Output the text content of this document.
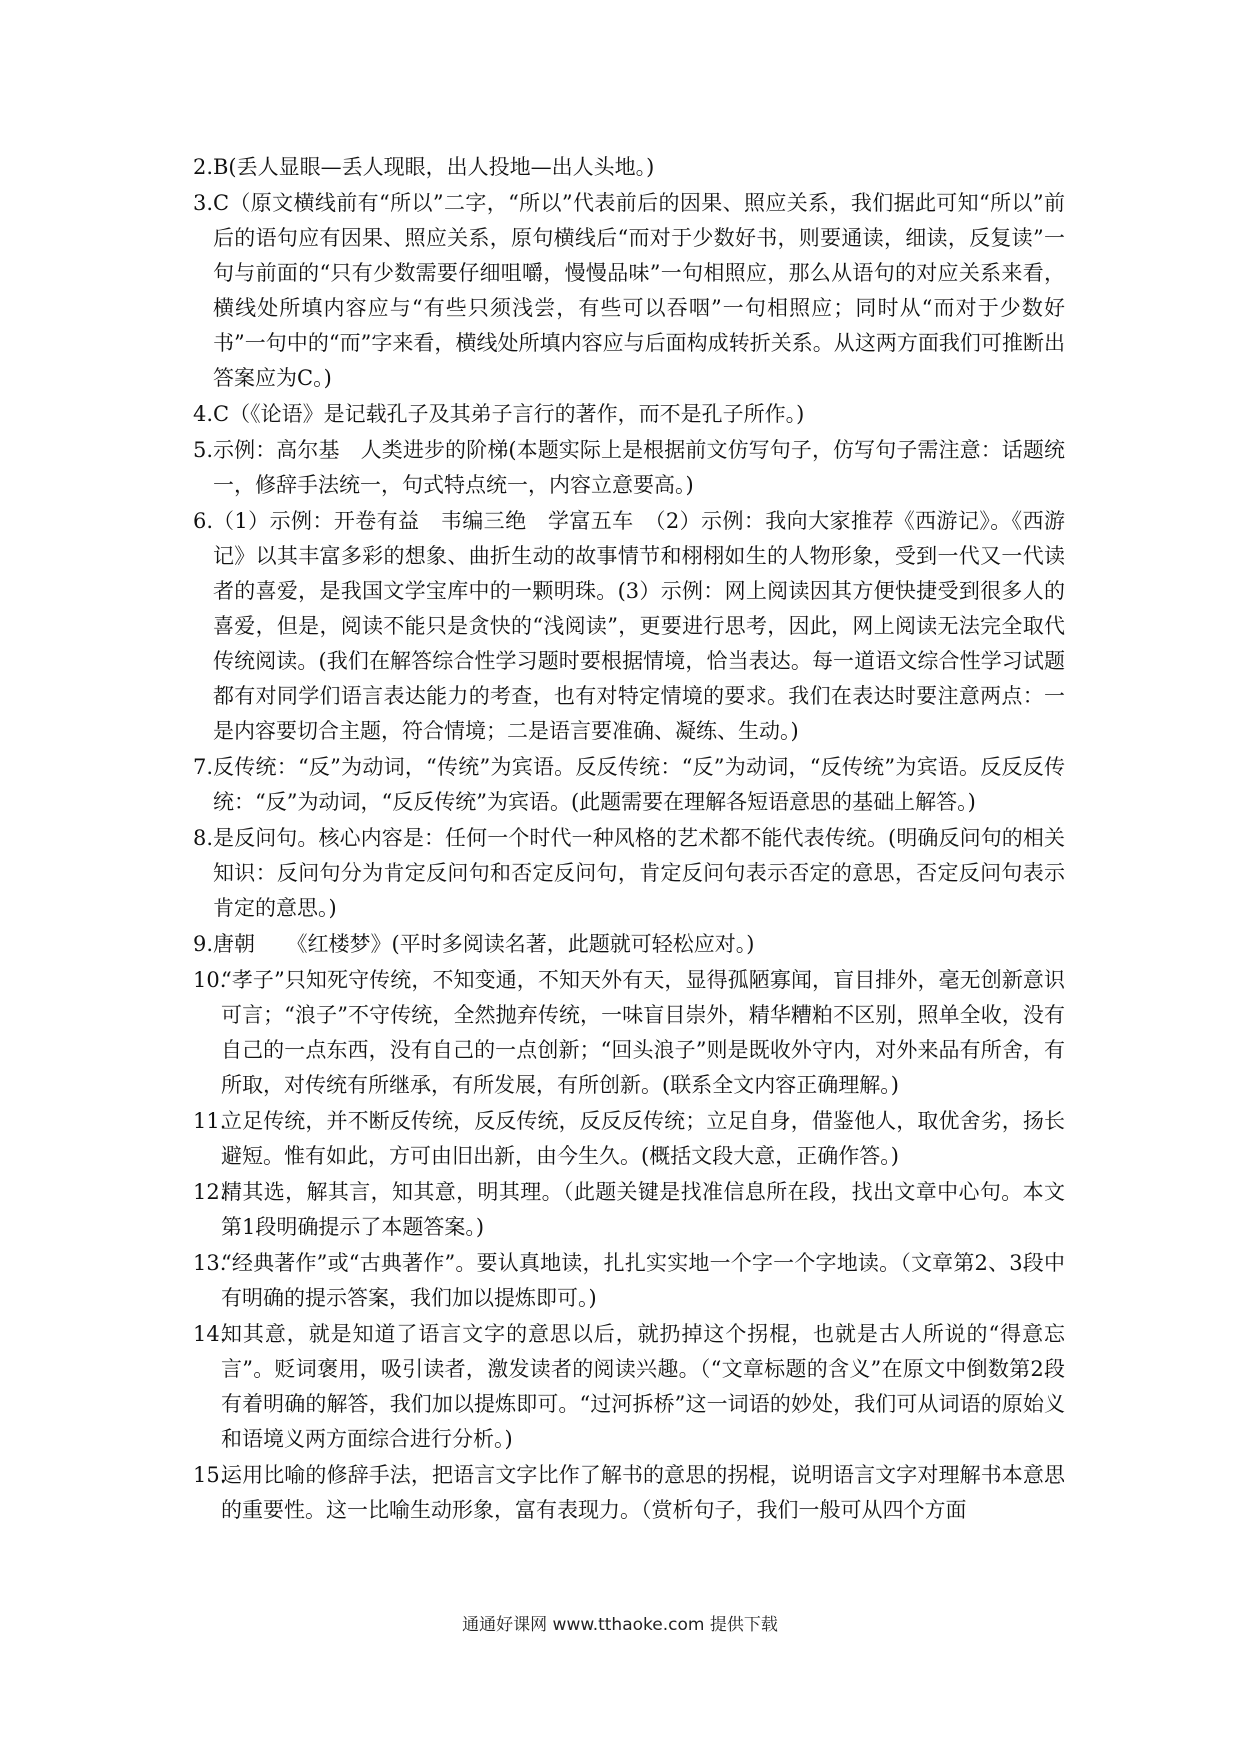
2. B(丢人显眼—丢人现眼，出人投地—出人头地。)
3. C（原文横线前有“所以”二字，“所以”代表前后的因果、照应关系，我们据此可知“所以”前后的语句应有因果、照应关系，原句横线后“而对于少数好书，则要通读，细读，反复读”一句与前面的“只有少数需要仔细咀嚼，慢慢品味”一句相照应，那么从语句的对应关系来看，横线处所填内容应与“有些只须浅尝，有些可以吞咽”一句相照应；同时从“而对于少数好书”一句中的“而”字来看，横线处所填内容应与后面构成转折关系。从这两方面我们可推断出答案应为C。)
4. C（《论语》是记载孔子及其弟子言行的著作，而不是孔子所作。)
5. 示例：高尔基　人类进步的阶梯(本题实际上是根据前文仿写句子，仿写句子需注意：话题统一，修辞手法统一，句式特点统一，内容立意要高。)
6. （1）示例：开卷有益　韦编三绝　学富五车　（2）示例：我向大家推荐《西游记》。《西游记》以其丰富多彩的想象、曲折生动的故事情节和栩栩如生的人物形象，受到一代又一代读者的喜爱，是我国文学宝库中的一颗明珠。(3）示例：网上阅读因其方便快捷受到很多人的喜爱，但是，阅读不能只是贪快的“浅阅读”，更要进行思考，因此，网上阅读无法完全取代传统阅读。(我们在解答综合性学习题时要根据情境，恰当表达。每一道语文综合性学习试题都有对同学们语言表达能力的考查，也有对特定情境的要求。我们在表达时要注意两点：一是内容要切合主题，符合情境；二是语言要准确、凝练、生动。)
7. 反传统：“反”为动词，“传统”为宾语。反反传统：“反”为动词，“反传统”为宾语。反反反传统：“反”为动词，“反反传统”为宾语。(此题需要在理解各短语意思的基础上解答。)
8. 是反问句。核心内容是：任何一个时代一种风格的艺术都不能代表传统。(明确反问句的相关知识：反问句分为肯定反问句和否定反问句，肯定反问句表示否定的意思，否定反问句表示肯定的意思。)
9. 唐朝　　《红楼梦》(平时多阅读名著，此题就可轻松应对。)
10.
“孝子”只知死守传统，不知变通，不知天外有天，显得孤陋寡闻，盲目排外，毫无创新意识可言；“浪子”不守传统，全然抛弃传统，一味盲目崇外，精华糟粕不区别，照单全收，没有自己的一点东西，没有自己的一点创新；“回头浪子”则是既收外守内，对外来品有所舍，有所取，对传统有所继承，有所发展，有所创新。(联系全文内容正确理解。)
11.
立足传统，并不断反传统，反反传统，反反反传统；立足自身，借鉴他人，取优舍劣，扬长避短。惟有如此，方可由旧出新，由今生久。(概括文段大意，正确作答。)
12.
精其选，解其言，知其意，明其理。（此题关键是找准信息所在段，找出文章中心句。本文第1段明确提示了本题答案。)
13.
“经典著作”或“古典著作”。要认真地读，扎扎实实地一个字一个字地读。（文章第2、3段中有明确的提示答案，我们加以提炼即可。)
14.
知其意，就是知道了语言文字的意思以后，就扔掉这个拐棍，也就是古人所说的“得意忘言”。贬词褒用，吸引读者，激发读者的阅读兴趣。（“文章标题的含义”在原文中倒数第2段有着明确的解答，我们加以提炼即可。“过河拆桥”这一词语的妙处，我们可从词语的原始义和语境义两方面综合进行分析。)
15.
运用比喻的修辞手法，把语言文字比作了解书的意思的拐棍，说明语言文字对理解书本意思的重要性。这一比喻生动形象，富有表现力。（赏析句子，我们一般可从四个方面
通通好课网 www.tthaoke.com 提供下载
